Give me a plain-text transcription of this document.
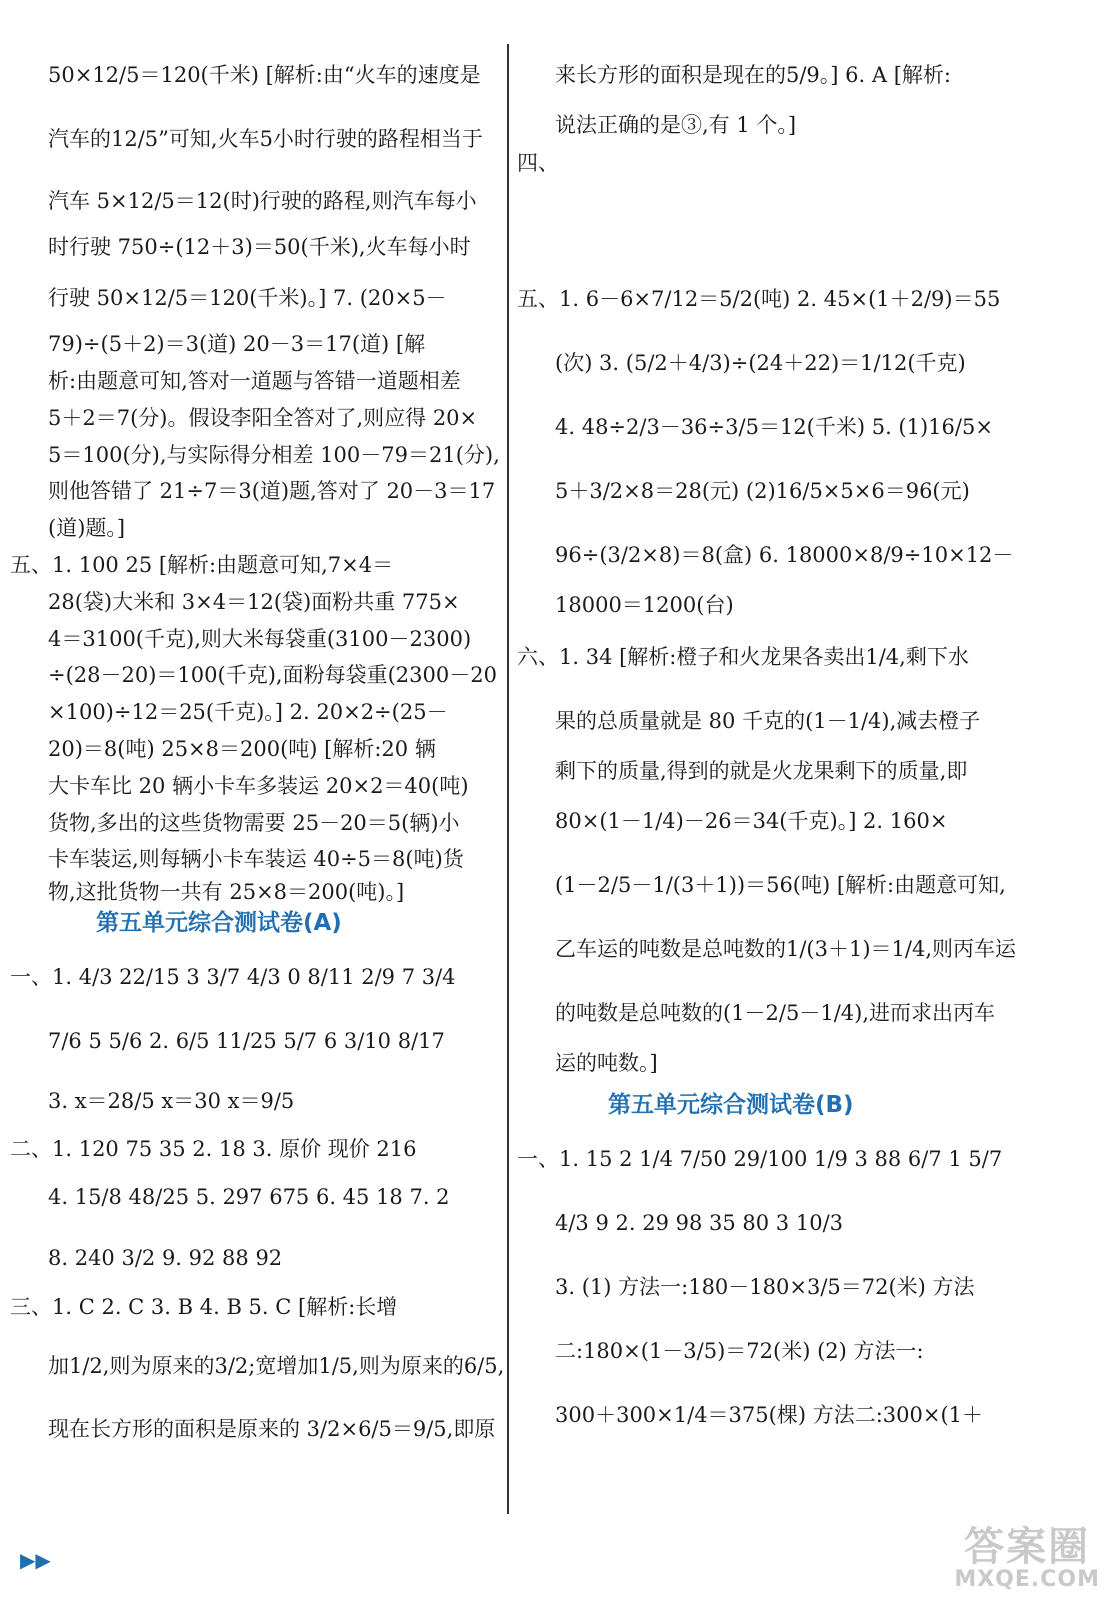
50×12/5＝120(千米) [解析:由“火车的速度是
汽车的12/5”可知,火车5小时行驶的路程相当于
汽车 5×12/5＝12(时)行驶的路程,则汽车每小
时行驶 750÷(12＋3)＝50(千米),火车每小时
行驶 50×12/5＝120(千米)。] 7. (20×5－
79)÷(5＋2)＝3(道) 20－3＝17(道) [解
析:由题意可知,答对一道题与答错一道题相差
5＋2＝7(分)。假设李阳全答对了,则应得 20×
5＝100(分),与实际得分相差 100－79＝21(分),
则他答错了 21÷7＝3(道)题,答对了 20－3＝17
(道)题。]
五、1. 100 25 [解析:由题意可知,7×4＝
28(袋)大米和 3×4＝12(袋)面粉共重 775×
4＝3100(千克),则大米每袋重(3100－2300)
÷(28－20)＝100(千克),面粉每袋重(2300－20
×100)÷12＝25(千克)。] 2. 20×2÷(25－
20)＝8(吨) 25×8＝200(吨) [解析:20 辆
大卡车比 20 辆小卡车多装运 20×2＝40(吨)
货物,多出的这些货物需要 25－20＝5(辆)小
卡车装运,则每辆小卡车装运 40÷5＝8(吨)货
物,这批货物一共有 25×8＝200(吨)。]
第五单元综合测试卷(A)
一、1. 4/3 22/15 3 3/7 4/3 0 8/11 2/9 7 3/4
7/6 5 5/6 2. 6/5 11/25 5/7 6 3/10 8/17
3. x＝28/5 x＝30 x＝9/5
二、1. 120 75 35 2. 18 3. 原价 现价 216
4. 15/8 48/25 5. 297 675 6. 45 18 7. 2
8. 240 3/2 9. 92 88 92
三、1. C 2. C 3. B 4. B 5. C [解析:长增
加1/2,则为原来的3/2;宽增加1/5,则为原来的6/5,
现在长方形的面积是原来的 3/2×6/5＝9/5,即原
来长方形的面积是现在的5/9。] 6. A [解析:
说法正确的是③,有 1 个。]
四、
五、1. 6－6×7/12＝5/2(吨) 2. 45×(1＋2/9)＝55
(次) 3. (5/2＋4/3)÷(24＋22)＝1/12(千克)
4. 48÷2/3－36÷3/5＝12(千米) 5. (1)16/5×
5＋3/2×8＝28(元) (2)16/5×5×6＝96(元)
96÷(3/2×8)＝8(盒) 6. 18000×8/9÷10×12－
18000＝1200(台)
六、1. 34 [解析:橙子和火龙果各卖出1/4,剩下水
果的总质量就是 80 千克的(1－1/4),减去橙子
剩下的质量,得到的就是火龙果剩下的质量,即
80×(1－1/4)－26＝34(千克)。] 2. 160×
(1－2/5－1/(3＋1))＝56(吨) [解析:由题意可知,
乙车运的吨数是总吨数的1/(3＋1)＝1/4,则丙车运
的吨数是总吨数的(1－2/5－1/4),进而求出丙车
运的吨数。]
第五单元综合测试卷(B)
一、1. 15 2 1/4 7/50 29/100 1/9 3 88 6/7 1 5/7
4/3 9 2. 29 98 35 80 3 10/3
3. (1) 方法一:180－180×3/5＝72(米) 方法
二:180×(1－3/5)＝72(米) (2) 方法一:
300＋300×1/4＝375(棵) 方法二:300×(1＋
▶▶	答案圈
MXQE.COM
